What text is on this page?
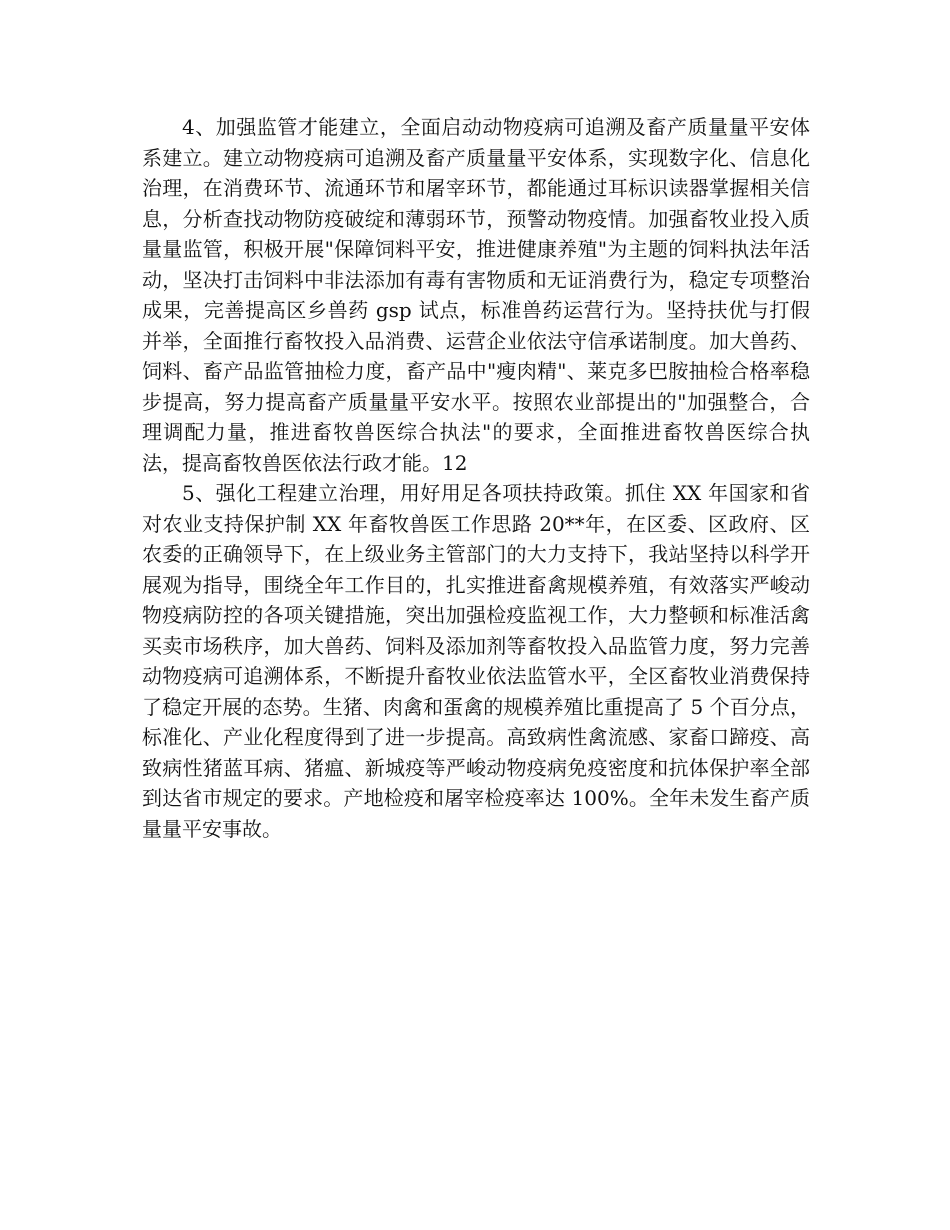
4、加强监管才能建立，全面启动动物疫病可追溯及畜产质量量平安体系建立。建立动物疫病可追溯及畜产质量量平安体系，实现数字化、信息化治理，在消费环节、流通环节和屠宰环节，都能通过耳标识读器掌握相关信息，分析查找动物防疫破绽和薄弱环节，预警动物疫情。加强畜牧业投入质量量监管，积极开展"保障饲料平安，推进健康养殖"为主题的饲料执法年活动，坚决打击饲料中非法添加有毒有害物质和无证消费行为，稳定专项整治成果，完善提高区乡兽药 gsp 试点，标准兽药运营行为。坚持扶优与打假并举，全面推行畜牧投入品消费、运营企业依法守信承诺制度。加大兽药、饲料、畜产品监管抽检力度，畜产品中"瘦肉精"、莱克多巴胺抽检合格率稳步提高，努力提高畜产质量量平安水平。按照农业部提出的"加强整合，合理调配力量，推进畜牧兽医综合执法"的要求，全面推进畜牧兽医综合执法，提高畜牧兽医依法行政才能。12

5、强化工程建立治理，用好用足各项扶持政策。抓住 XX 年国家和省对农业支持保护制 XX 年畜牧兽医工作思路 20**年，在区委、区政府、区农委的正确领导下，在上级业务主管部门的大力支持下，我站坚持以科学开展观为指导，围绕全年工作目的，扎实推进畜禽规模养殖，有效落实严峻动物疫病防控的各项关键措施，突出加强检疫监视工作，大力整顿和标准活禽买卖市场秩序，加大兽药、饲料及添加剂等畜牧投入品监管力度，努力完善动物疫病可追溯体系，不断提升畜牧业依法监管水平，全区畜牧业消费保持了稳定开展的态势。生猪、肉禽和蛋禽的规模养殖比重提高了 5 个百分点，标准化、产业化程度得到了进一步提高。高致病性禽流感、家畜口蹄疫、高致病性猪蓝耳病、猪瘟、新城疫等严峻动物疫病免疫密度和抗体保护率全部到达省市规定的要求。产地检疫和屠宰检疫率达 100%。全年未发生畜产质量量平安事故。
